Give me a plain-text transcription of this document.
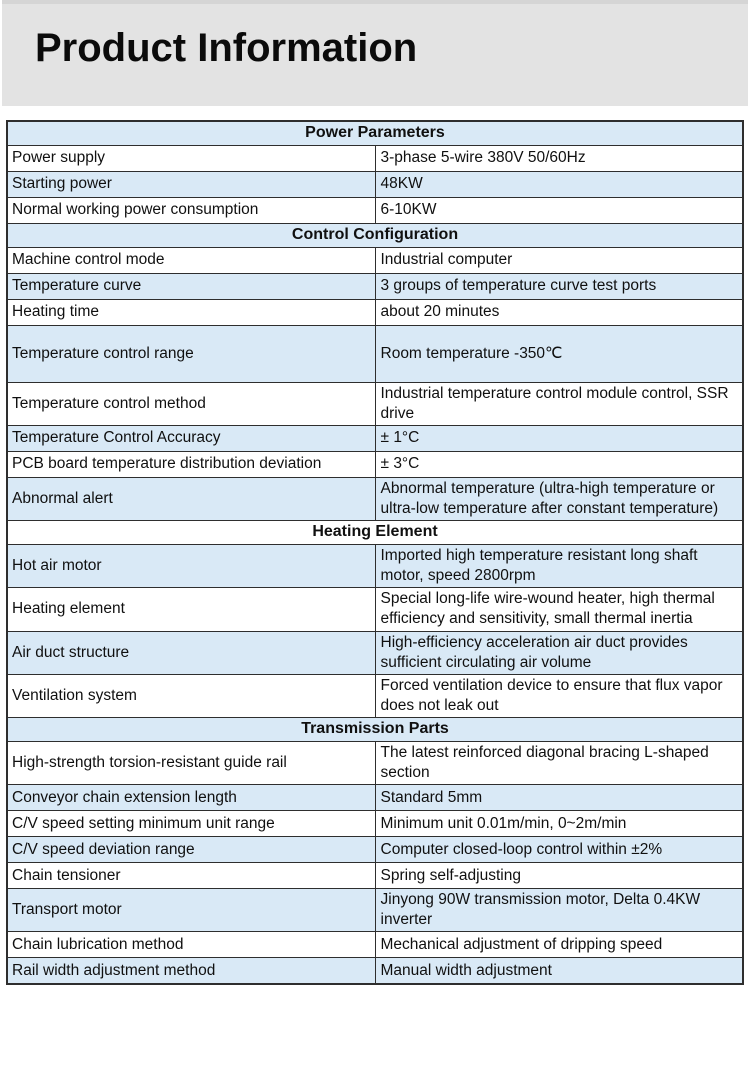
Product Information
Power Parameters	
Power supply	3-phase 5-wire 380V 50/60Hz
Starting power	48KW
Normal working power consumption	6-10KW
Control Configuration	
Machine control mode	Industrial computer
Temperature curve	3 groups of temperature curve test ports
Heating time	about 20 minutes
Temperature control range	Room temperature -350℃
Temperature control method	Industrial temperature control module control, SSR drive
Temperature Control Accuracy	± 1°C
PCB board temperature distribution deviation	± 3°C
Abnormal alert	Abnormal temperature (ultra-high temperature or ultra-low temperature after constant temperature)
Heating Element	
Hot air motor	Imported high temperature resistant long shaft motor, speed 2800rpm
Heating element	Special long-life wire-wound heater, high thermal efficiency and sensitivity, small thermal inertia
Air duct structure	High-efficiency acceleration air duct provides sufficient circulating air volume
Ventilation system	Forced ventilation device to ensure that flux vapor does not leak out
Transmission Parts	
High-strength torsion-resistant guide rail	The latest reinforced diagonal bracing L-shaped section
Conveyor chain extension length	Standard 5mm
C/V speed setting minimum unit range	Minimum unit 0.01m/min, 0~2m/min
C/V speed deviation range	Computer closed-loop control within ±2%
Chain tensioner	Spring self-adjusting
Transport motor	Jinyong 90W transmission motor, Delta 0.4KW inverter
Chain lubrication method	Mechanical adjustment of dripping speed
Rail width adjustment method	Manual width adjustment
